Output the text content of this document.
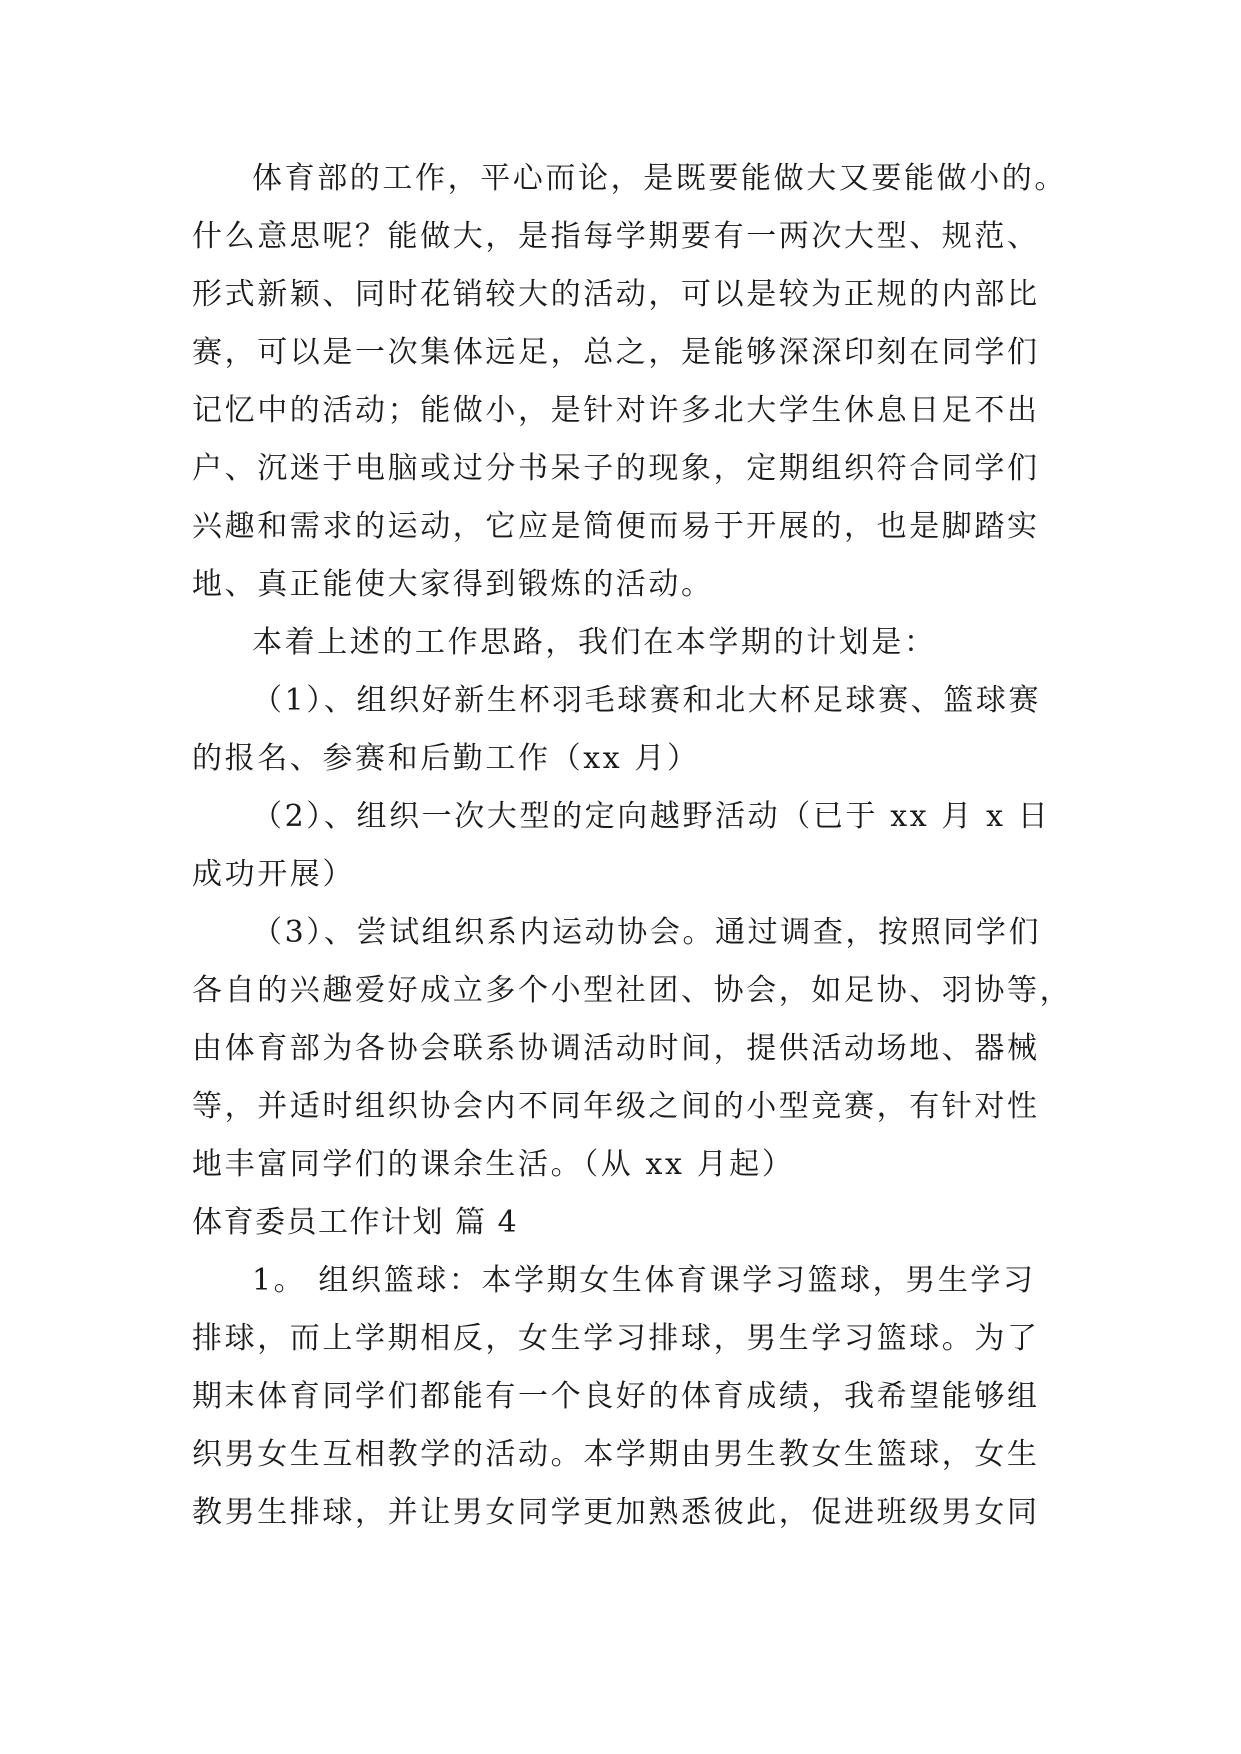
体育部的工作，平心而论，是既要能做大又要能做小的。
什么意思呢？能做大，是指每学期要有一两次大型、规范、
形式新颖、同时花销较大的活动，可以是较为正规的内部比
赛，可以是一次集体远足，总之，是能够深深印刻在同学们
记忆中的活动；能做小，是针对许多北大学生休息日足不出
户、沉迷于电脑或过分书呆子的现象，定期组织符合同学们
兴趣和需求的运动，它应是简便而易于开展的，也是脚踏实
地、真正能使大家得到锻炼的活动。
本着上述的工作思路，我们在本学期的计划是：
（1）、组织好新生杯羽毛球赛和北大杯足球赛、篮球赛
的报名、参赛和后勤工作（xx 月）
（2）、组织一次大型的定向越野活动（已于 xx 月 x 日
成功开展）
（3）、尝试组织系内运动协会。通过调查，按照同学们
各自的兴趣爱好成立多个小型社团、协会，如足协、羽协等，
由体育部为各协会联系协调活动时间，提供活动场地、器械
等，并适时组织协会内不同年级之间的小型竞赛，有针对性
地丰富同学们的课余生活。（从 xx 月起）
体育委员工作计划 篇 4
1。 组织篮球：本学期女生体育课学习篮球，男生学习
排球，而上学期相反，女生学习排球，男生学习篮球。为了
期末体育同学们都能有一个良好的体育成绩，我希望能够组
织男女生互相教学的活动。本学期由男生教女生篮球，女生
教男生排球，并让男女同学更加熟悉彼此，促进班级男女同
